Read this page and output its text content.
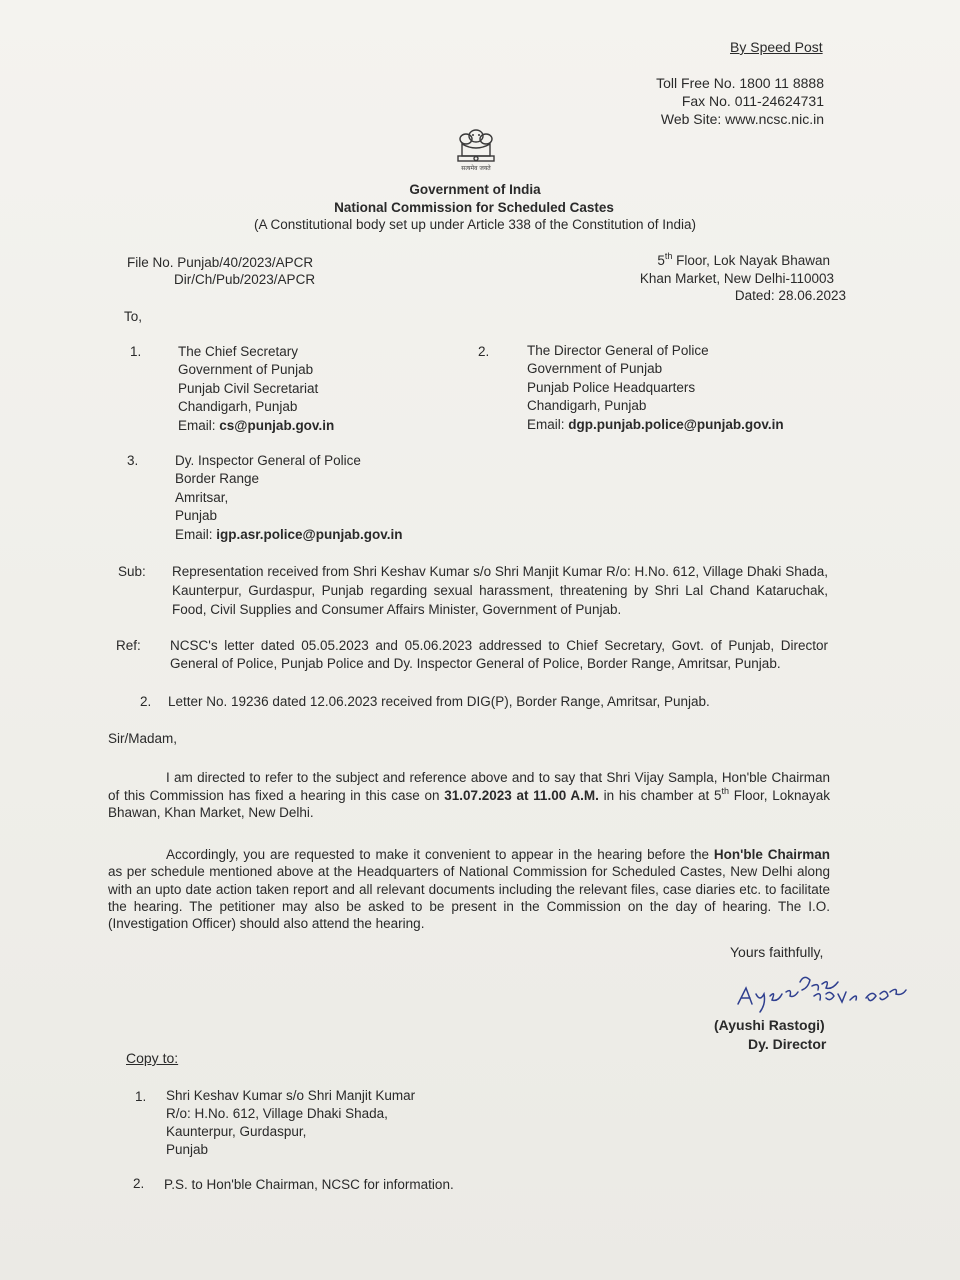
By Speed Post
Toll Free No. 1800 11 8888
Fax No. 011-24624731
Web Site: www.ncsc.nic.in
सत्यमेव जयते
Government of India
National Commission for Scheduled Castes
(A Constitutional body set up under Article 338 of the Constitution of India)
File No. Punjab/40/2023/APCR
Dir/Ch/Pub/2023/APCR
5th Floor, Lok Nayak Bhawan
Khan Market, New Delhi-110003
Dated: 28.06.2023
To,
1.	The Chief Secretary
Government of Punjab
Punjab Civil Secretariat
Chandigarh, Punjab
Email: cs@punjab.gov.in
2.	The Director General of Police
Government of Punjab
Punjab Police Headquarters
Chandigarh, Punjab
Email: dgp.punjab.police@punjab.gov.in
3.	Dy. Inspector General of Police
Border Range
Amritsar,
Punjab
Email: igp.asr.police@punjab.gov.in
Sub: Representation received from Shri Keshav Kumar s/o Shri Manjit Kumar R/o: H.No. 612, Village Dhaki Shada, Kaunterpur, Gurdaspur, Punjab regarding sexual harassment, threatening by Shri Lal Chand Kataruchak, Food, Civil Supplies and Consumer Affairs Minister, Government of Punjab.
Ref: NCSC's letter dated 05.05.2023 and 05.06.2023 addressed to Chief Secretary, Govt. of Punjab, Director General of Police, Punjab Police and Dy. Inspector General of Police, Border Range, Amritsar, Punjab.
2. Letter No. 19236 dated 12.06.2023 received from DIG(P), Border Range, Amritsar, Punjab.
Sir/Madam,
I am directed to refer to the subject and reference above and to say that Shri Vijay Sampla, Hon'ble Chairman of this Commission has fixed a hearing in this case on 31.07.2023 at 11.00 A.M. in his chamber at 5th Floor, Loknayak Bhawan, Khan Market, New Delhi.
Accordingly, you are requested to make it convenient to appear in the hearing before the Hon'ble Chairman as per schedule mentioned above at the Headquarters of National Commission for Scheduled Castes, New Delhi along with an upto date action taken report and all relevant documents including the relevant files, case diaries etc. to facilitate the hearing. The petitioner may also be asked to be present in the Commission on the day of hearing. The I.O. (Investigation Officer) should also attend the hearing.
Yours faithfully,
(Ayushi Rastogi)
Dy. Director
Copy to:
1. Shri Keshav Kumar s/o Shri Manjit Kumar
R/o: H.No. 612, Village Dhaki Shada,
Kaunterpur, Gurdaspur,
Punjab
2. P.S. to Hon'ble Chairman, NCSC for information.
